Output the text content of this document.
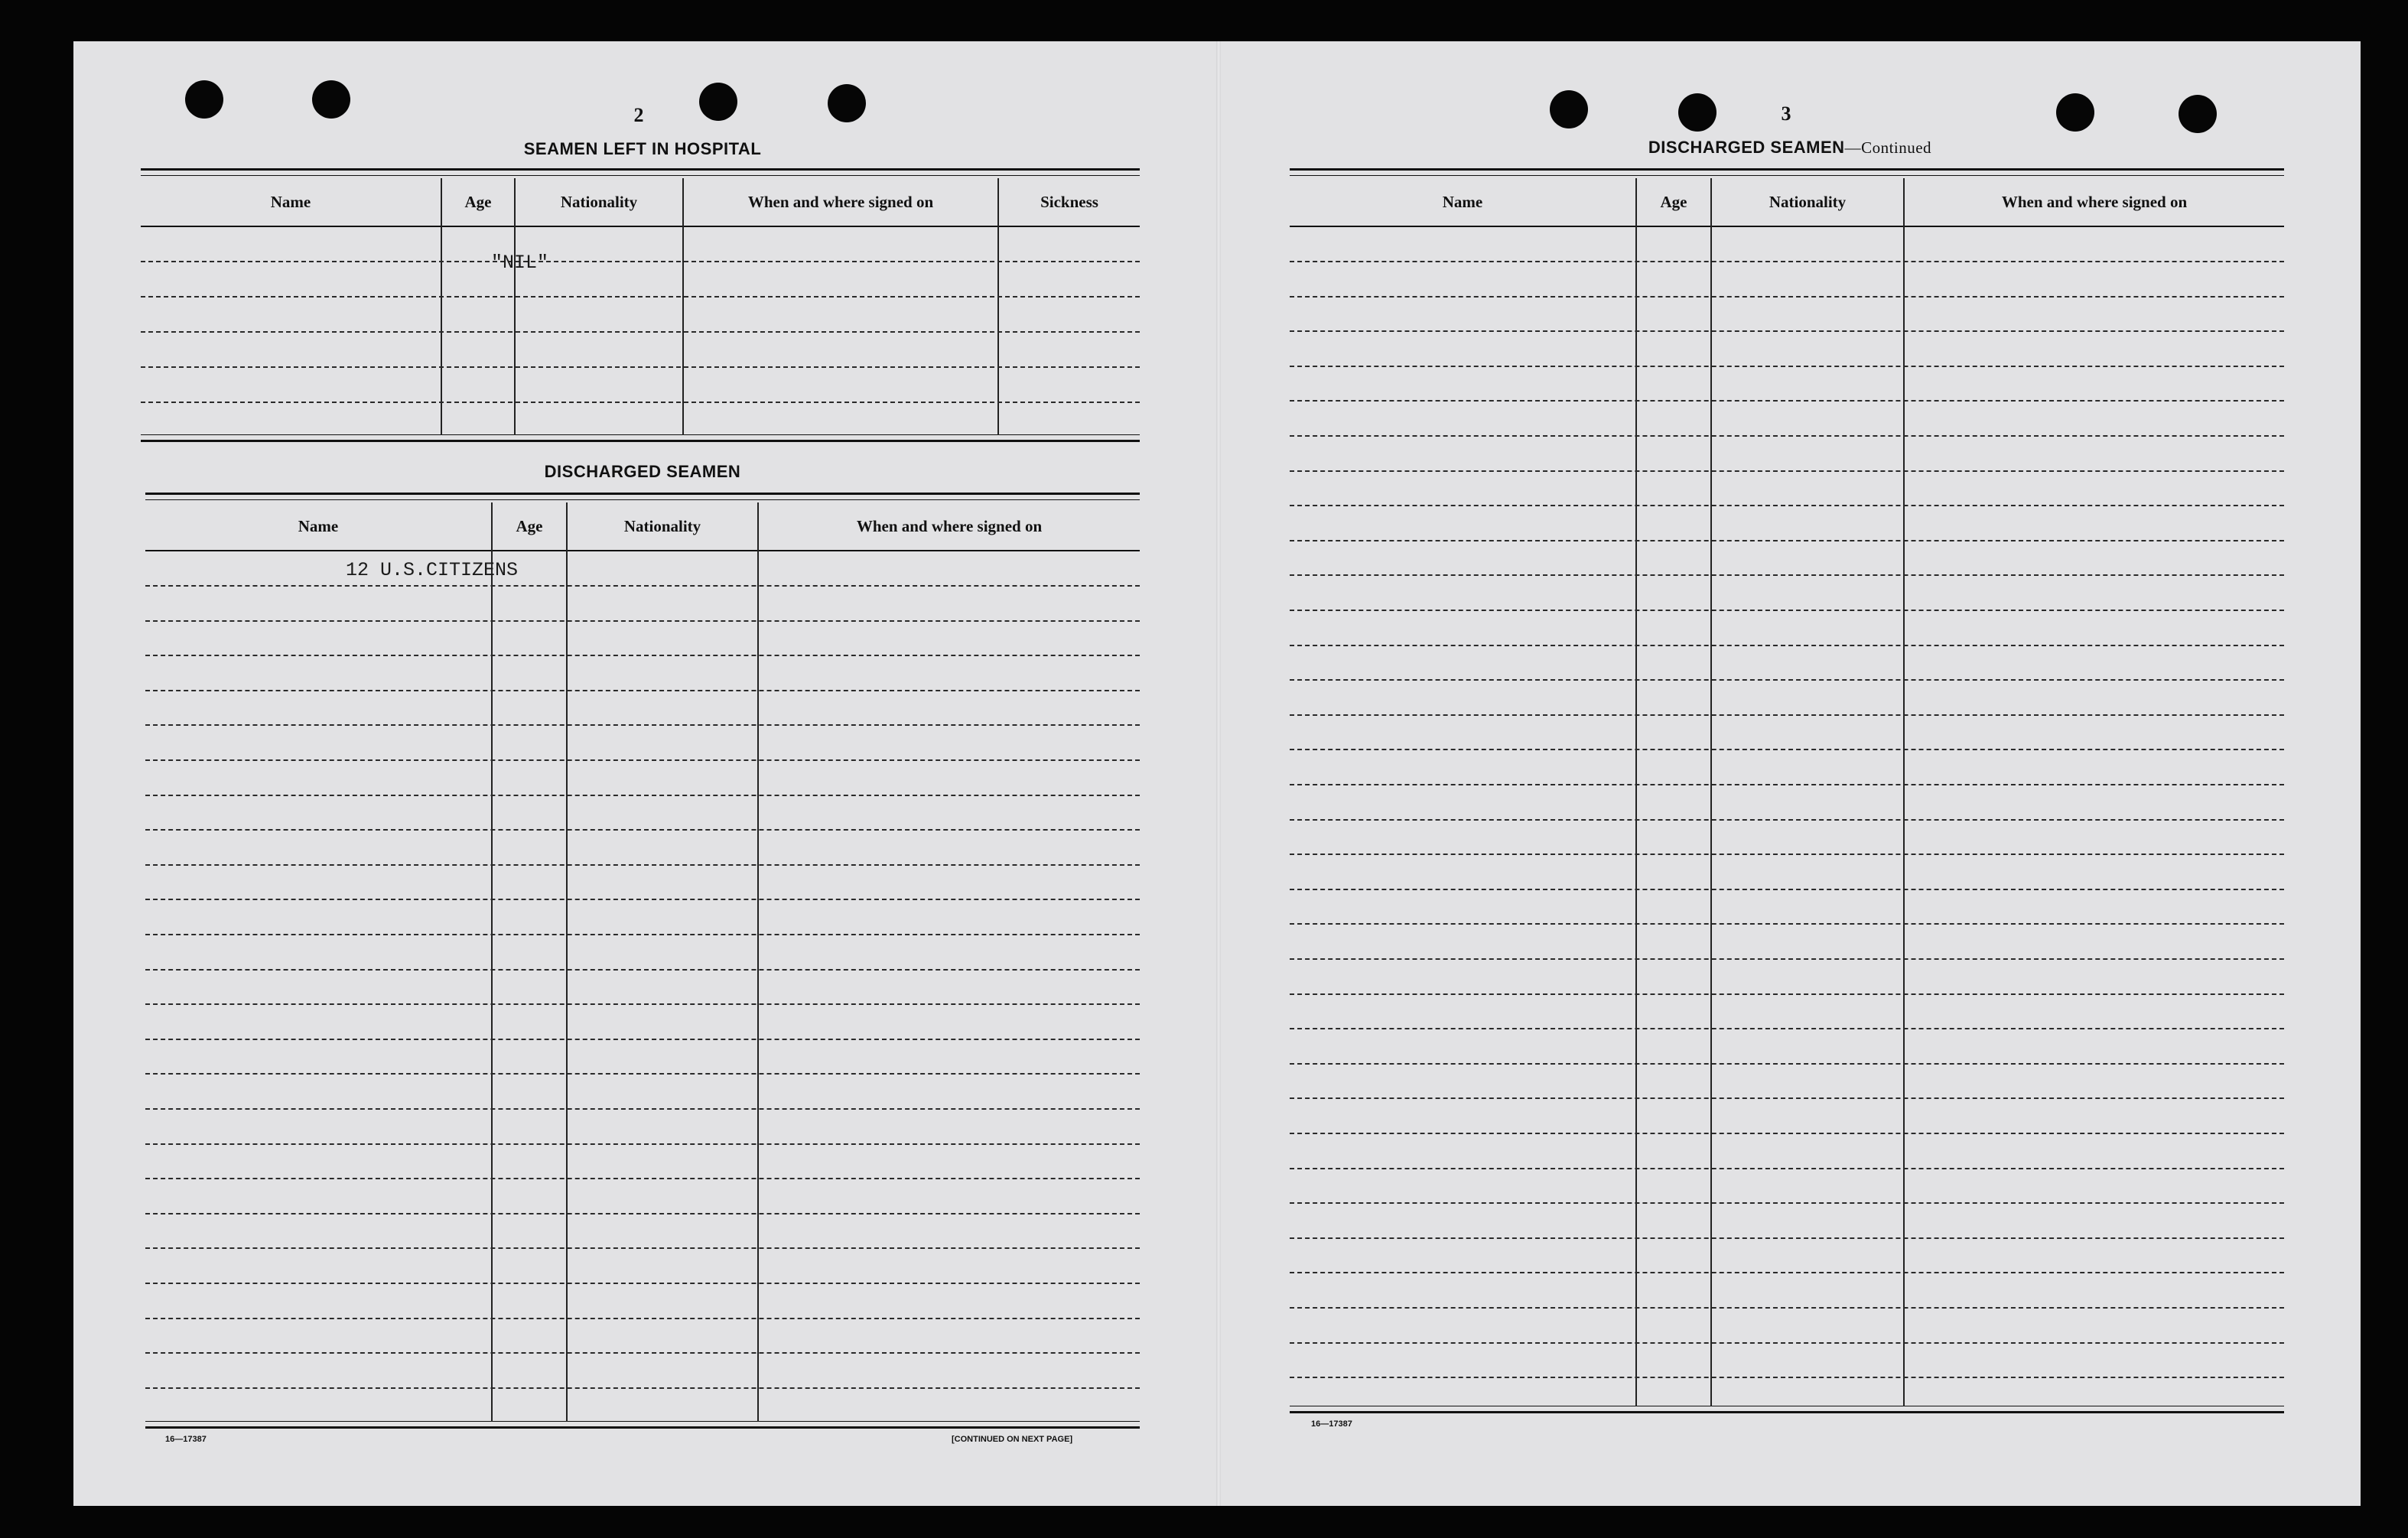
2
SEAMEN LEFT IN HOSPITAL
Name	Age	Nationality	When and where signed on	Sickness
"NIL"
DISCHARGED SEAMEN
Name	Age	Nationality	When and where signed on
12 U.S.CITIZENS
16—17387	[CONTINUED ON NEXT PAGE]
3
DISCHARGED SEAMEN—Continued
Name	Age	Nationality	When and where signed on
16—17387
